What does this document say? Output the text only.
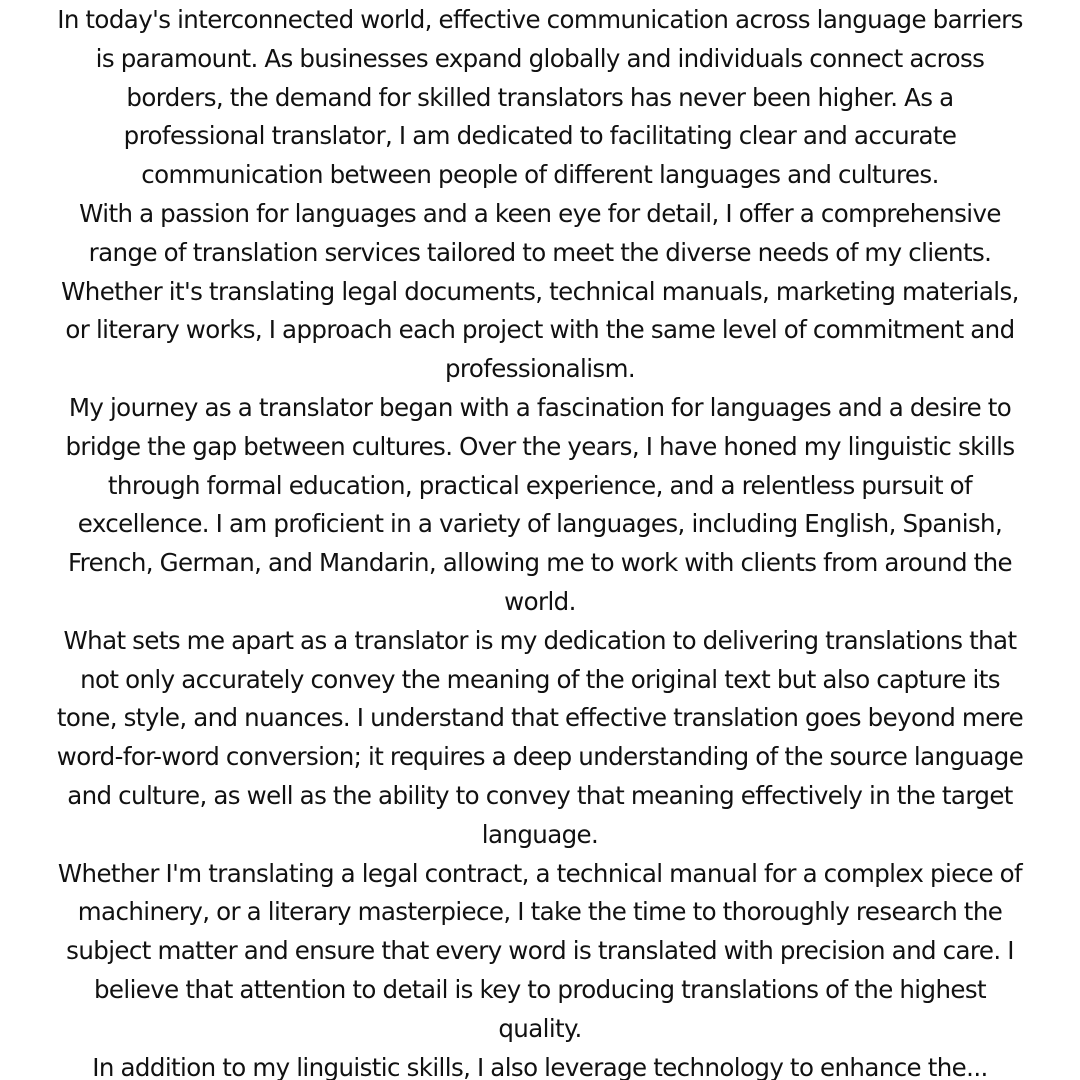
In today's interconnected world, effective communication across language barriers
is paramount. As businesses expand globally and individuals connect across
borders, the demand for skilled translators has never been higher. As a
professional translator, I am dedicated to facilitating clear and accurate
communication between people of different languages and cultures.

With a passion for languages and a keen eye for detail, I offer a comprehensive
range of translation services tailored to meet the diverse needs of my clients.
Whether it's translating legal documents, technical manuals, marketing materials,
or literary works, I approach each project with the same level of commitment and
professionalism.

My journey as a translator began with a fascination for languages and a desire to
bridge the gap between cultures. Over the years, I have honed my linguistic skills
through formal education, practical experience, and a relentless pursuit of
excellence. I am proficient in a variety of languages, including English, Spanish,
French, German, and Mandarin, allowing me to work with clients from around the
world.

What sets me apart as a translator is my dedication to delivering translations that
not only accurately convey the meaning of the original text but also capture its
tone, style, and nuances. I understand that effective translation goes beyond mere
word-for-word conversion; it requires a deep understanding of the source language
and culture, as well as the ability to convey that meaning effectively in the target
language.

Whether I'm translating a legal contract, a technical manual for a complex piece of
machinery, or a literary masterpiece, I take the time to thoroughly research the
subject matter and ensure that every word is translated with precision and care. I
believe that attention to detail is key to producing translations of the highest
quality.

In addition to my linguistic skills, I also leverage technology to enhance the...
